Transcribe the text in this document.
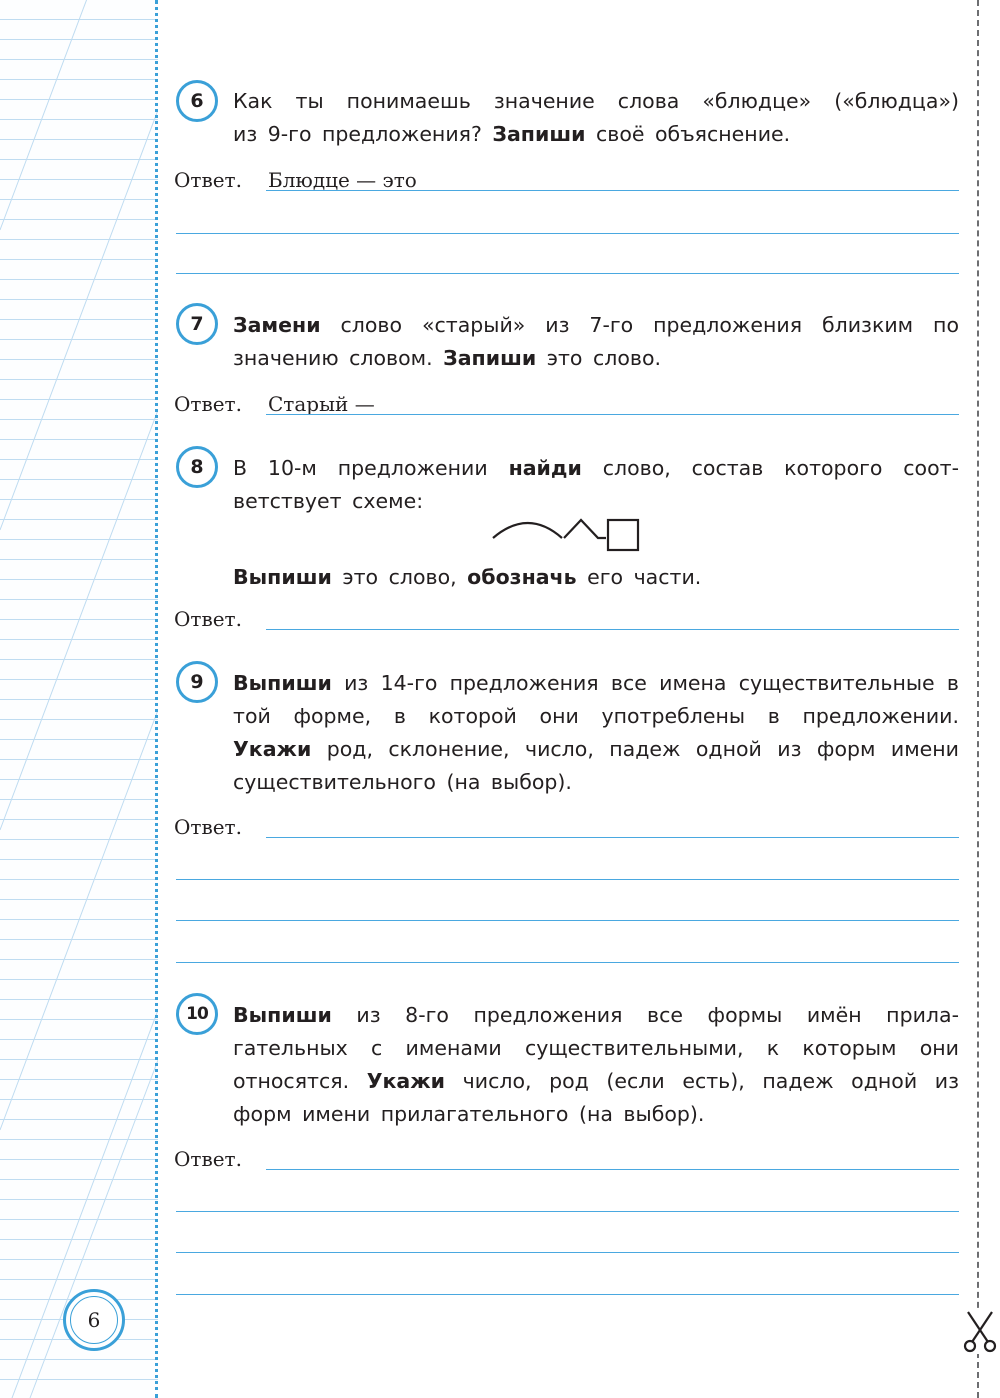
6
6	Как ты понимаешь значение слова «блюдце» («блюдца»)
из 9-го предложения? Запиши своё объяснение.
Ответ. Блюдце — это
7	Замени слово «старый» из 7-го предложения близким по значению словом. Запиши это слово.
Ответ. Старый —
8	В 10-м предложении найди слово, состав которого соответствует схеме:
Выпиши это слово, обозначь его части.
Ответ.
9	Выпиши из 14-го предложения все имена существительные в той форме, в которой они употреблены в предложении. Укажи род, склонение, число, падеж одной из форм имени существительного (на выбор).
Ответ.
10	Выпиши из 8-го предложения все формы имён прилагательных с именами существительными, к которым они относятся. Укажи число, род (если есть), падеж одной из форм имени прилагательного (на выбор).
Ответ.
